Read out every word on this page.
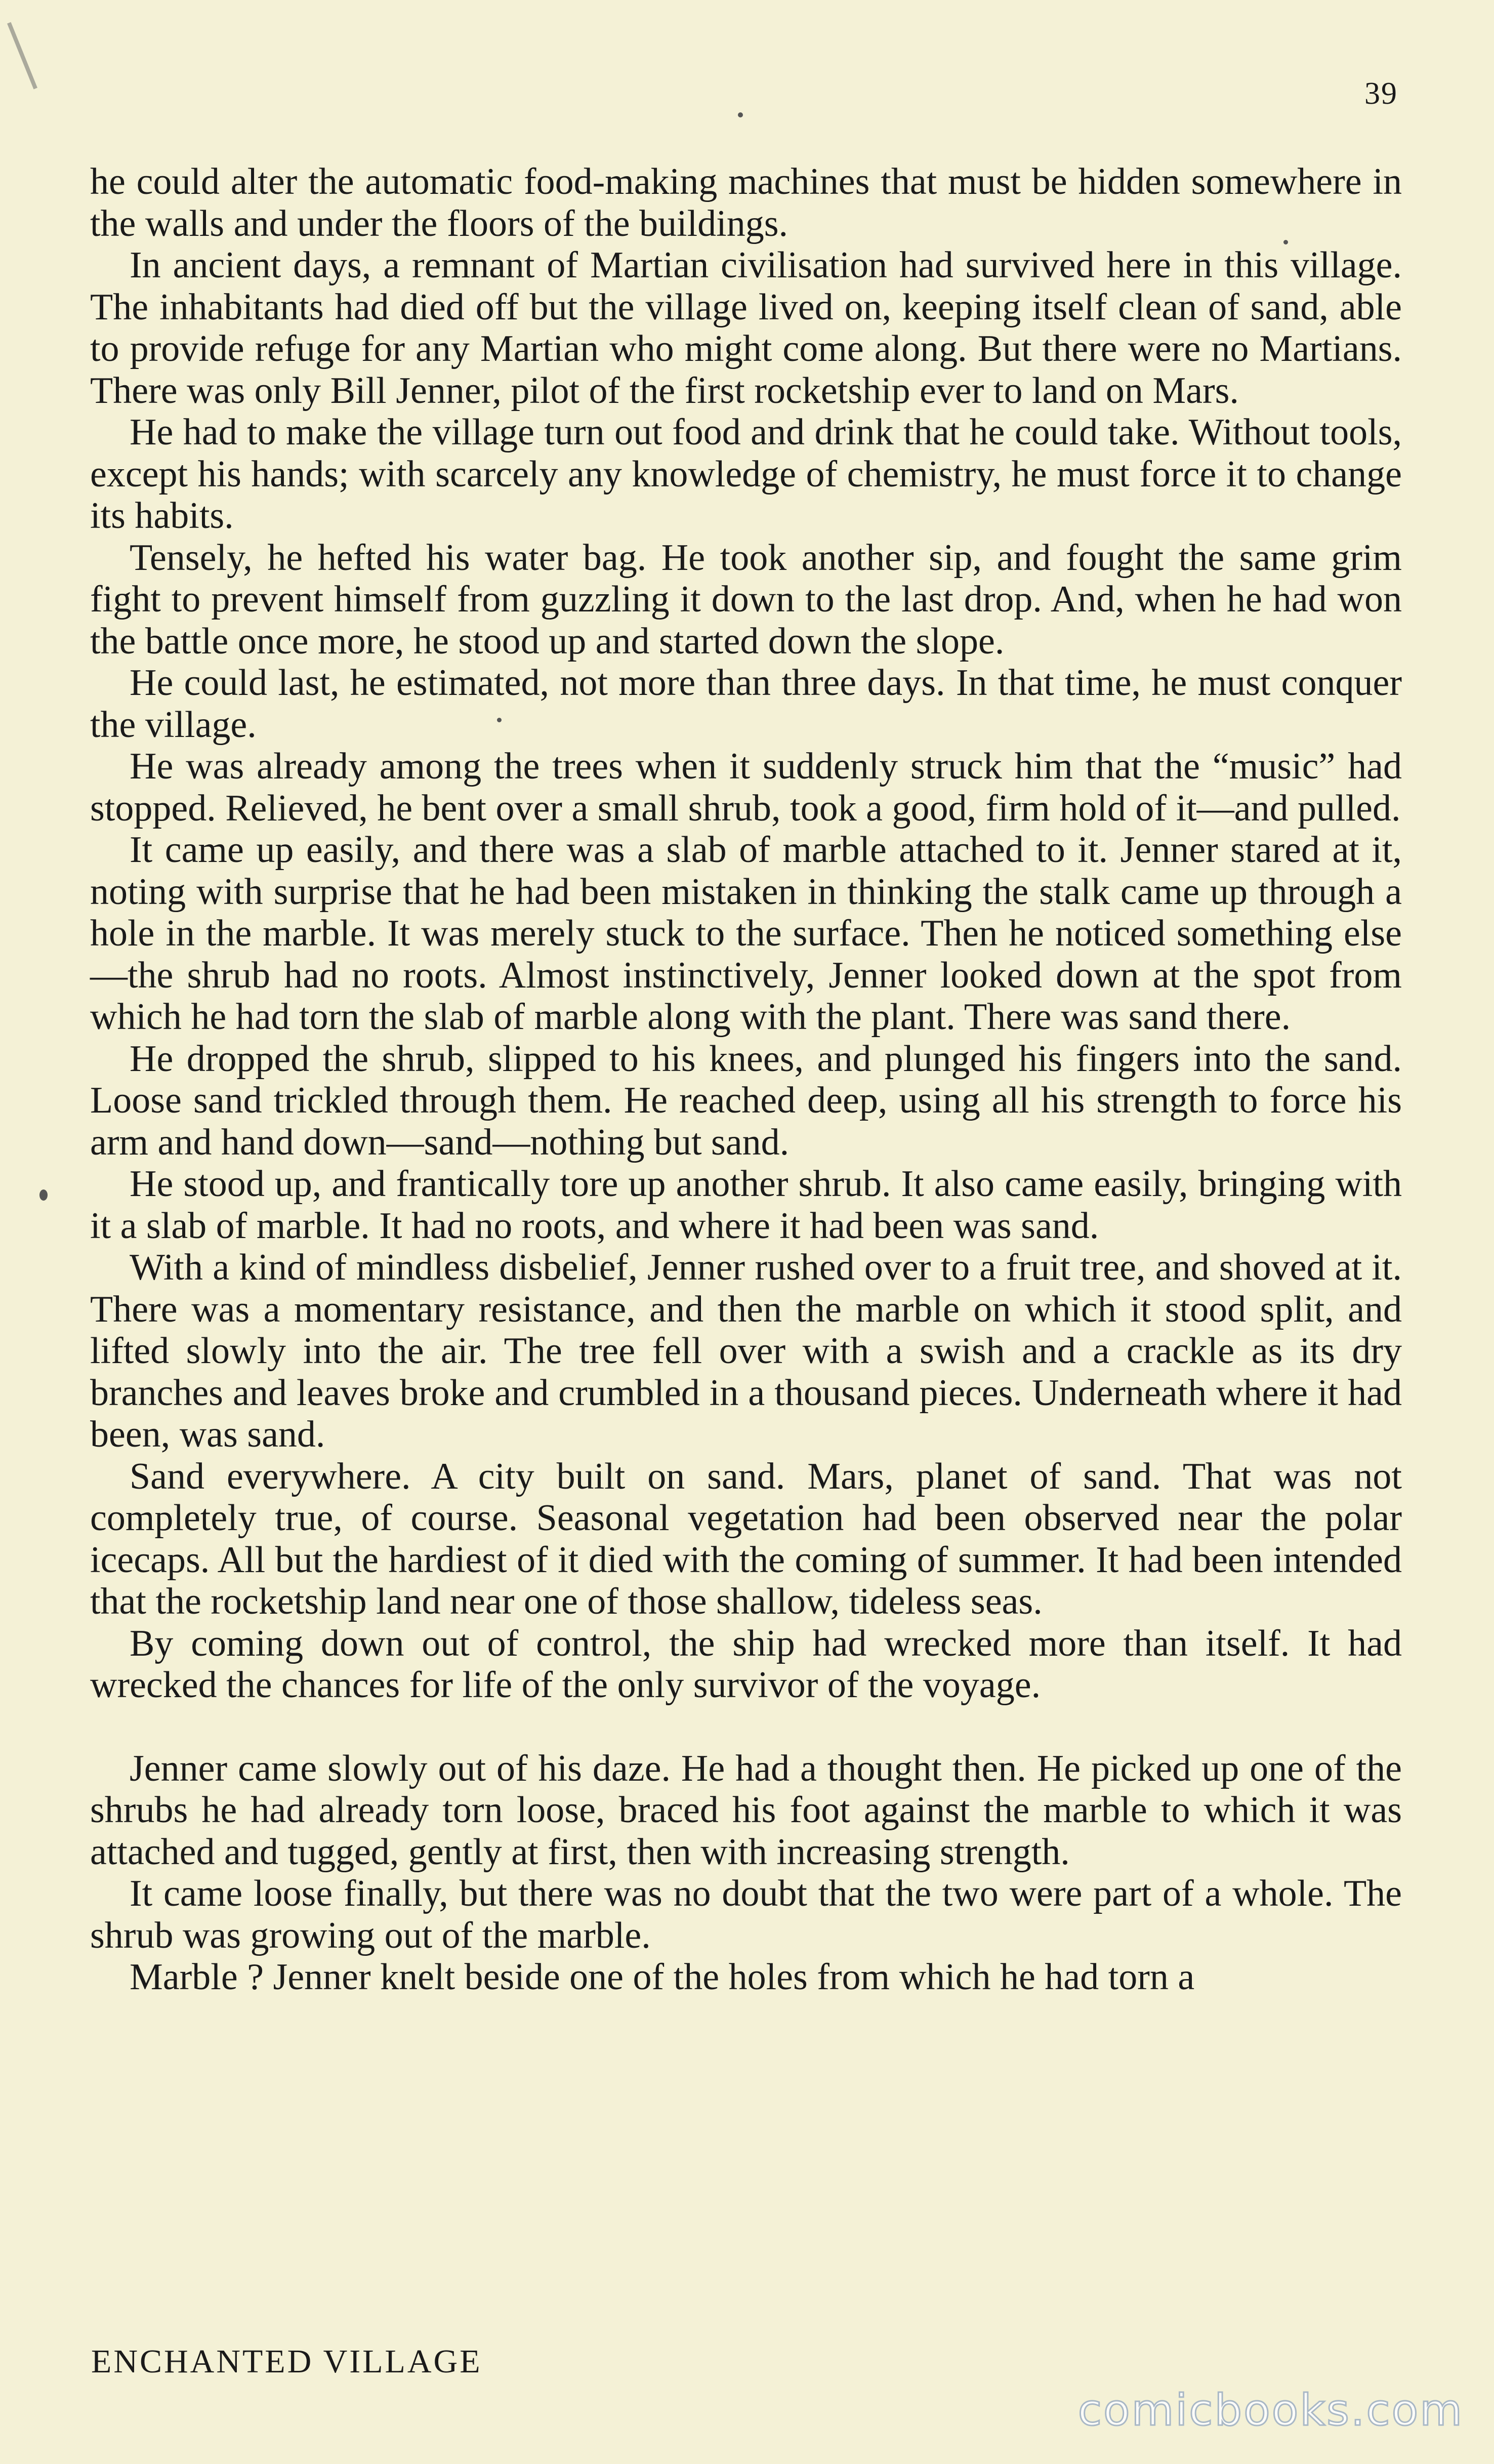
39

he could alter the automatic food-making machines that must be hidden somewhere in the walls and under the floors of the buildings.

In ancient days, a remnant of Martian civilisation had survived here in this village. The inhabitants had died off but the village lived on, keeping itself clean of sand, able to provide refuge for any Martian who might come along. But there were no Martians. There was only Bill Jenner, pilot of the first rocketship ever to land on Mars.

He had to make the village turn out food and drink that he could take. Without tools, except his hands; with scarcely any knowledge of chemistry, he must force it to change its habits.

Tensely, he hefted his water bag. He took another sip, and fought the same grim fight to prevent himself from guzzling it down to the last drop. And, when he had won the battle once more, he stood up and started down the slope.

He could last, he estimated, not more than three days. In that time, he must conquer the village.

He was already among the trees when it suddenly struck him that the “music” had stopped. Relieved, he bent over a small shrub, took a good, firm hold of it—and pulled.

It came up easily, and there was a slab of marble attached to it. Jenner stared at it, noting with surprise that he had been mistaken in thinking the stalk came up through a hole in the marble. It was merely stuck to the surface. Then he noticed something else—the shrub had no roots. Almost instinctively, Jenner looked down at the spot from which he had torn the slab of marble along with the plant. There was sand there.

He dropped the shrub, slipped to his knees, and plunged his fingers into the sand. Loose sand trickled through them. He reached deep, using all his strength to force his arm and hand down—sand—nothing but sand.

He stood up, and frantically tore up another shrub. It also came easily, bringing with it a slab of marble. It had no roots, and where it had been was sand.

With a kind of mindless disbelief, Jenner rushed over to a fruit tree, and shoved at it. There was a momentary resistance, and then the marble on which it stood split, and lifted slowly into the air. The tree fell over with a swish and a crackle as its dry branches and leaves broke and crumbled in a thousand pieces. Underneath where it had been, was sand.

Sand everywhere. A city built on sand. Mars, planet of sand. That was not completely true, of course. Seasonal vegetation had been observed near the polar icecaps. All but the hardiest of it died with the coming of summer. It had been intended that the rocketship land near one of those shallow, tideless seas.

By coming down out of control, the ship had wrecked more than itself. It had wrecked the chances for life of the only survivor of the voyage.

Jenner came slowly out of his daze. He had a thought then. He picked up one of the shrubs he had already torn loose, braced his foot against the marble to which it was attached and tugged, gently at first, then with increasing strength.

It came loose finally, but there was no doubt that the two were part of a whole. The shrub was growing out of the marble.

Marble ? Jenner knelt beside one of the holes from which he had torn a

ENCHANTED VILLAGE
comicbooks.com
